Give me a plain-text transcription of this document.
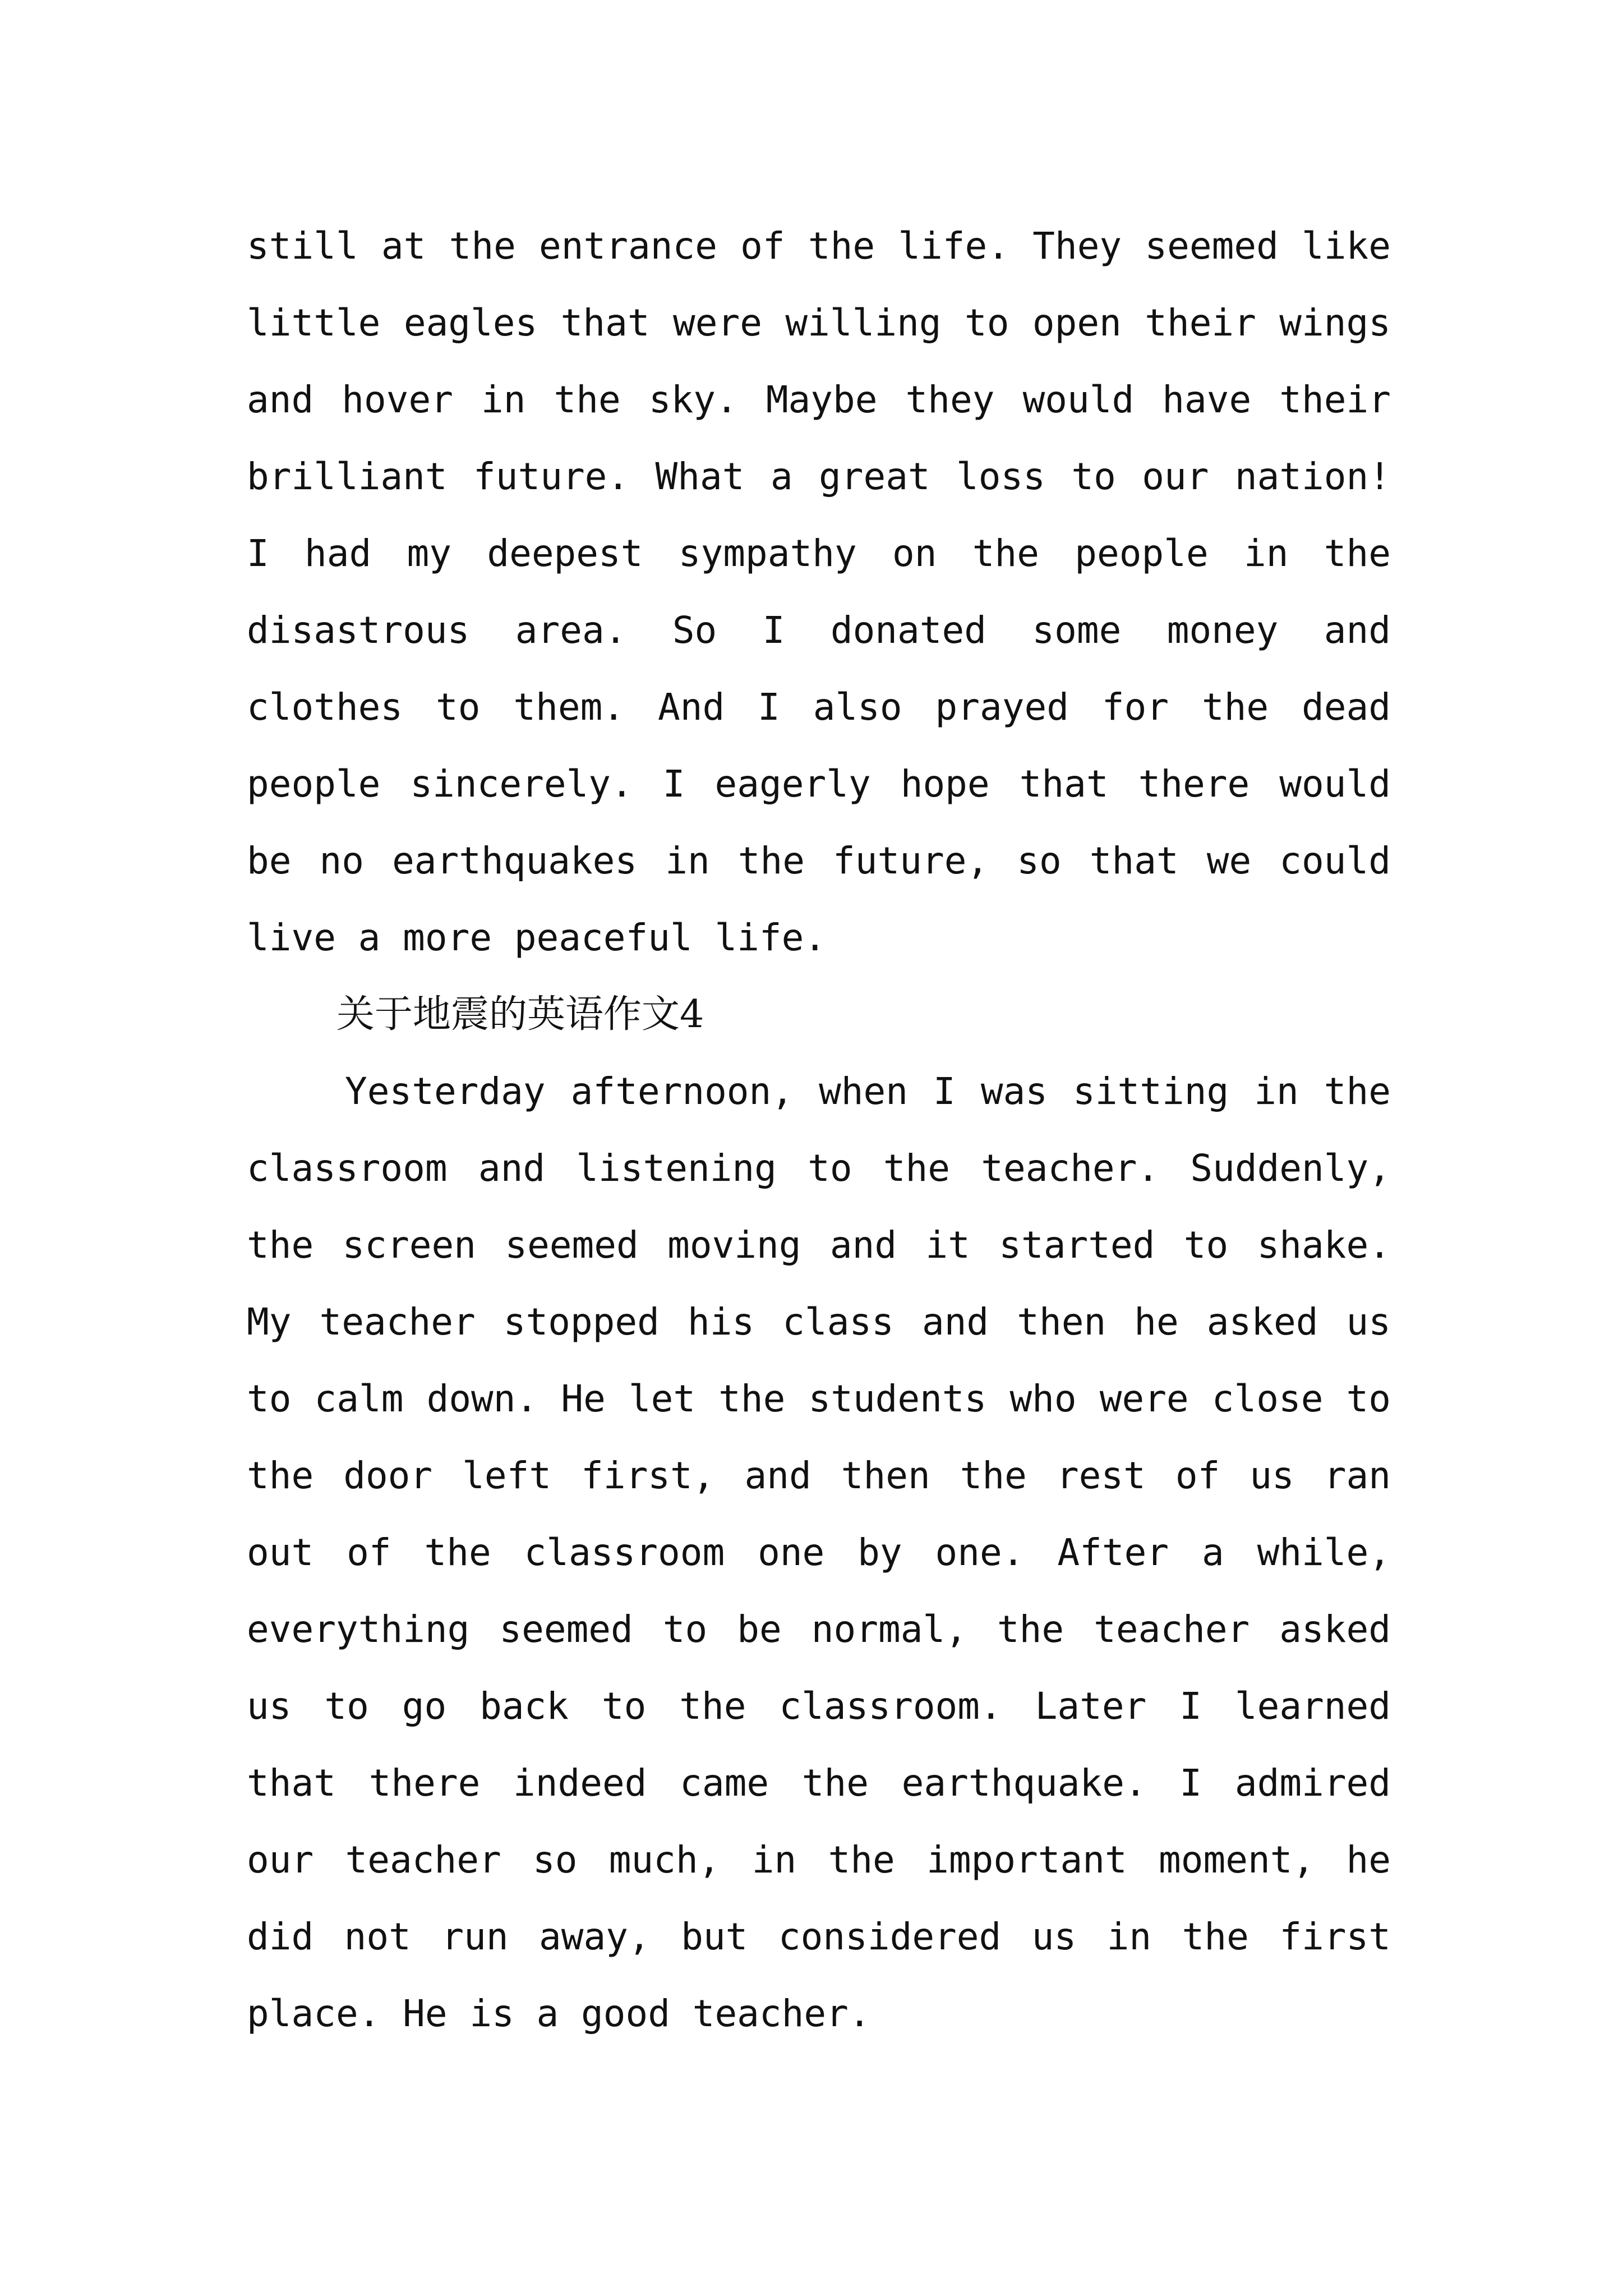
still at the entrance of the life. They seemed like
little eagles that were willing to open their wings
and hover in the sky. Maybe they would have their
brilliant future. What a great loss to our nation!
I had my deepest sympathy on the people in the
disastrous area. So I donated some money and
clothes to them. And I also prayed for the dead
people sincerely. I eagerly hope that there would
be no earthquakes in the future, so that we could
live a more peaceful life.
关于地震的英语作文4
Yesterday afternoon, when I was sitting in the
classroom and listening to the teacher. Suddenly,
the screen seemed moving and it started to shake.
My teacher stopped his class and then he asked us
to calm down. He let the students who were close to
the door left first, and then the rest of us ran
out of the classroom one by one. After a while,
everything seemed to be normal, the teacher asked
us to go back to the classroom. Later I learned
that there indeed came the earthquake. I admired
our teacher so much, in the important moment, he
did not run away, but considered us in the first
place. He is a good teacher.
